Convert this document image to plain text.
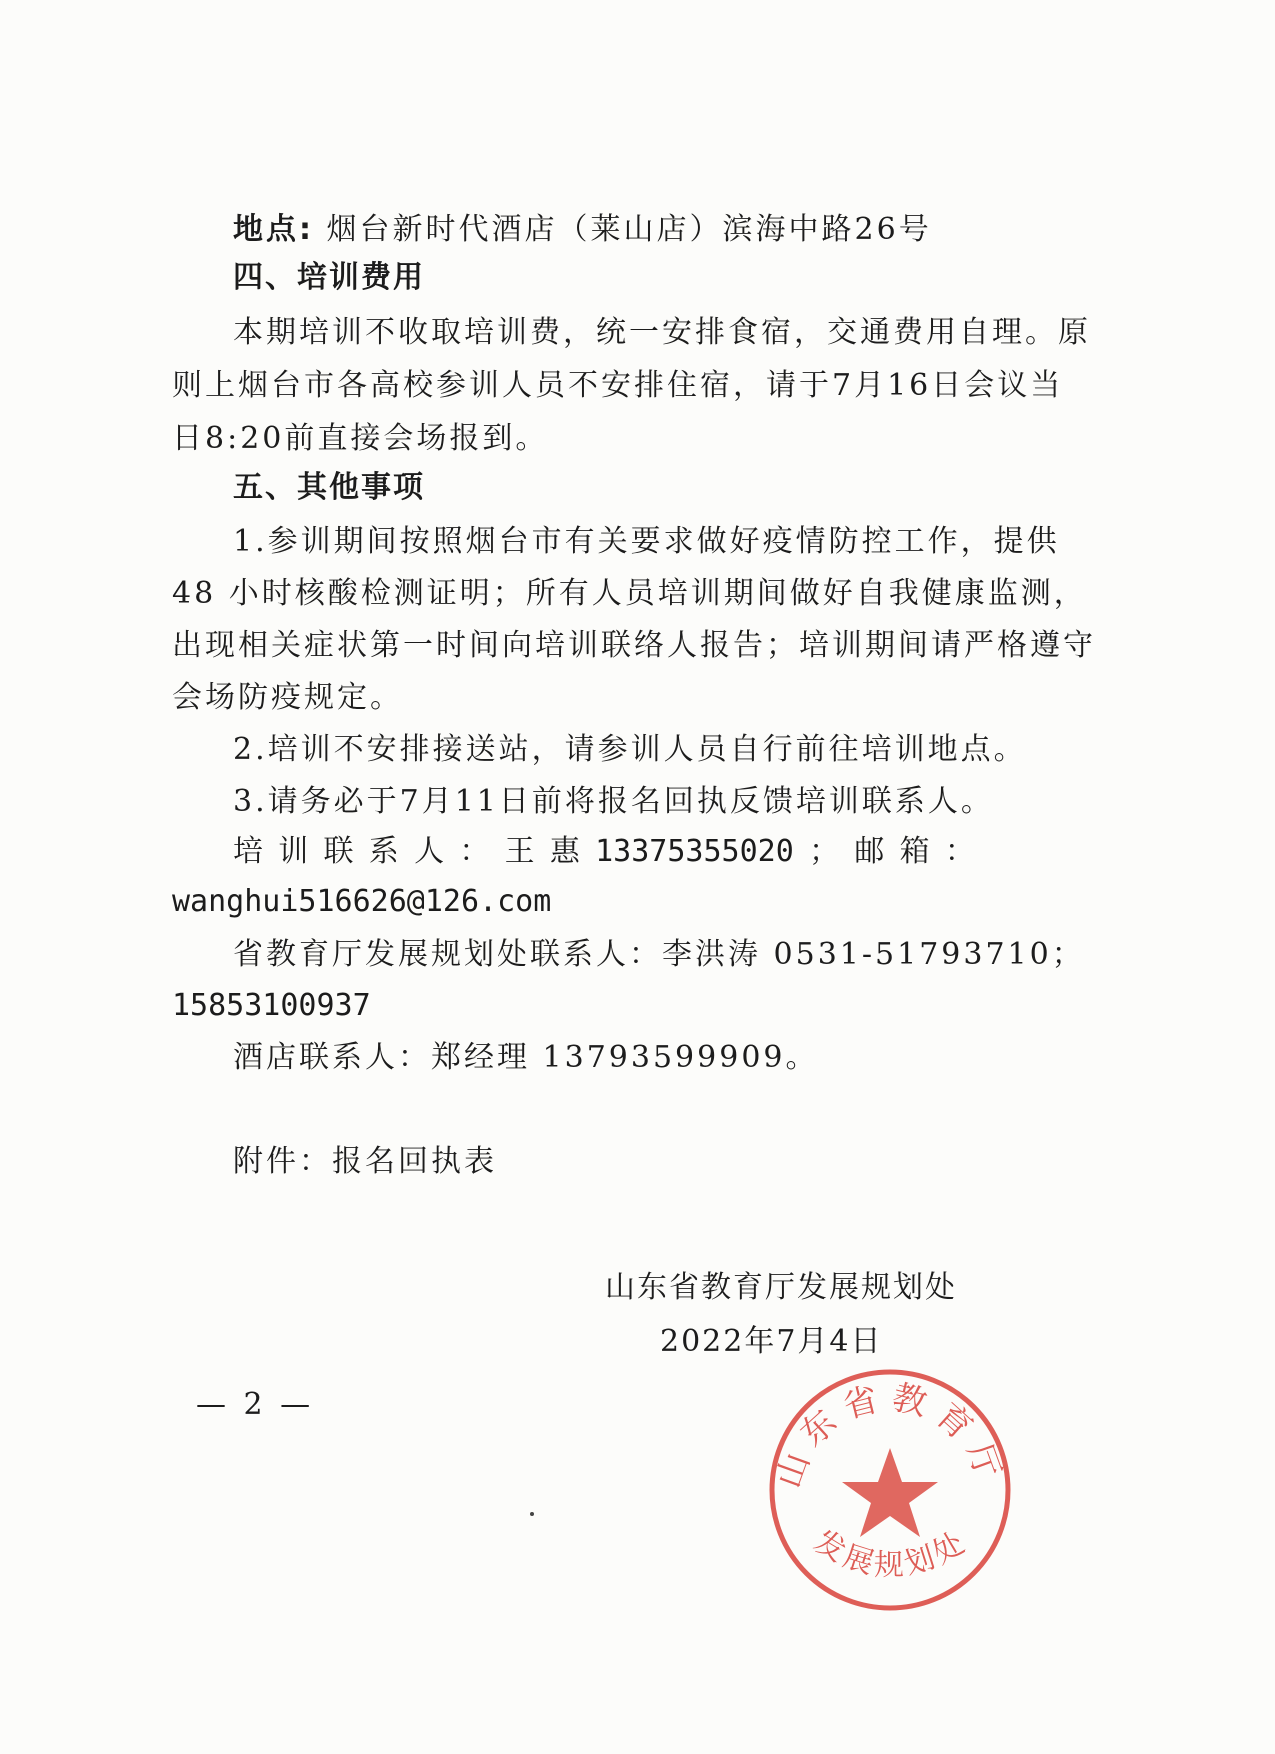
地点: 烟台新时代酒店（莱山店）滨海中路26号
四、培训费用
本期培训不收取培训费，统一安排食宿，交通费用自理。原
则上烟台市各高校参训人员不安排住宿，请于7月16日会议当
日8:20前直接会场报到。
五、其他事项
1.参训期间按照烟台市有关要求做好疫情防控工作，提供
48 小时核酸检测证明；所有人员培训期间做好自我健康监测，
出现相关症状第一时间向培训联络人报告；培训期间请严格遵守
会场防疫规定。
2.培训不安排接送站，请参训人员自行前往培训地点。
3.请务必于7月11日前将报名回执反馈培训联系人。
培 训 联 系 人 ： 王 惠 13375355020 ； 邮 箱 ：
wanghui516626@126.com
省教育厅发展规划处联系人：李洪涛 0531-51793710；
15853100937
酒店联系人：郑经理 13793599909。
附件：报名回执表
山东省教育厅
发展规划处
山东省教育厅发展规划处
2022年7月4日
— 2 —
